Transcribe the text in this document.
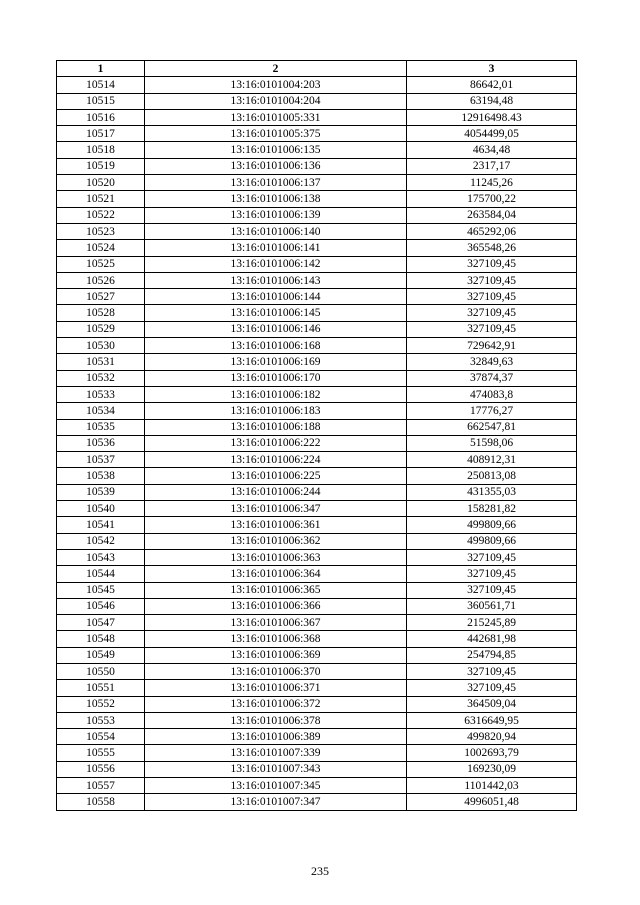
1	2	3
10514	13:16:0101004:203	86642,01
10515	13:16:0101004:204	63194,48
10516	13:16:0101005:331	12916498.43
10517	13:16:0101005:375	4054499,05
10518	13:16:0101006:135	4634,48
10519	13:16:0101006:136	2317,17
10520	13:16:0101006:137	11245,26
10521	13:16:0101006:138	175700,22
10522	13:16:0101006:139	263584,04
10523	13:16:0101006:140	465292,06
10524	13:16:0101006:141	365548,26
10525	13:16:0101006:142	327109,45
10526	13:16:0101006:143	327109,45
10527	13:16:0101006:144	327109,45
10528	13:16:0101006:145	327109,45
10529	13:16:0101006:146	327109,45
10530	13:16:0101006:168	729642,91
10531	13:16:0101006:169	32849,63
10532	13:16:0101006:170	37874,37
10533	13:16:0101006:182	474083,8
10534	13:16:0101006:183	17776,27
10535	13:16:0101006:188	662547,81
10536	13:16:0101006:222	51598,06
10537	13:16:0101006:224	408912,31
10538	13:16:0101006:225	250813,08
10539	13:16:0101006:244	431355,03
10540	13:16:0101006:347	158281,82
10541	13:16:0101006:361	499809,66
10542	13:16:0101006:362	499809,66
10543	13:16:0101006:363	327109,45
10544	13:16:0101006:364	327109,45
10545	13:16:0101006:365	327109,45
10546	13:16:0101006:366	360561,71
10547	13:16:0101006:367	215245,89
10548	13:16:0101006:368	442681,98
10549	13:16:0101006:369	254794,85
10550	13:16:0101006:370	327109,45
10551	13:16:0101006:371	327109,45
10552	13:16:0101006:372	364509,04
10553	13:16:0101006:378	6316649,95
10554	13:16:0101006:389	499820,94
10555	13:16:0101007:339	1002693,79
10556	13:16:0101007:343	169230,09
10557	13:16:0101007:345	1101442,03
10558	13:16:0101007:347	4996051,48
235
